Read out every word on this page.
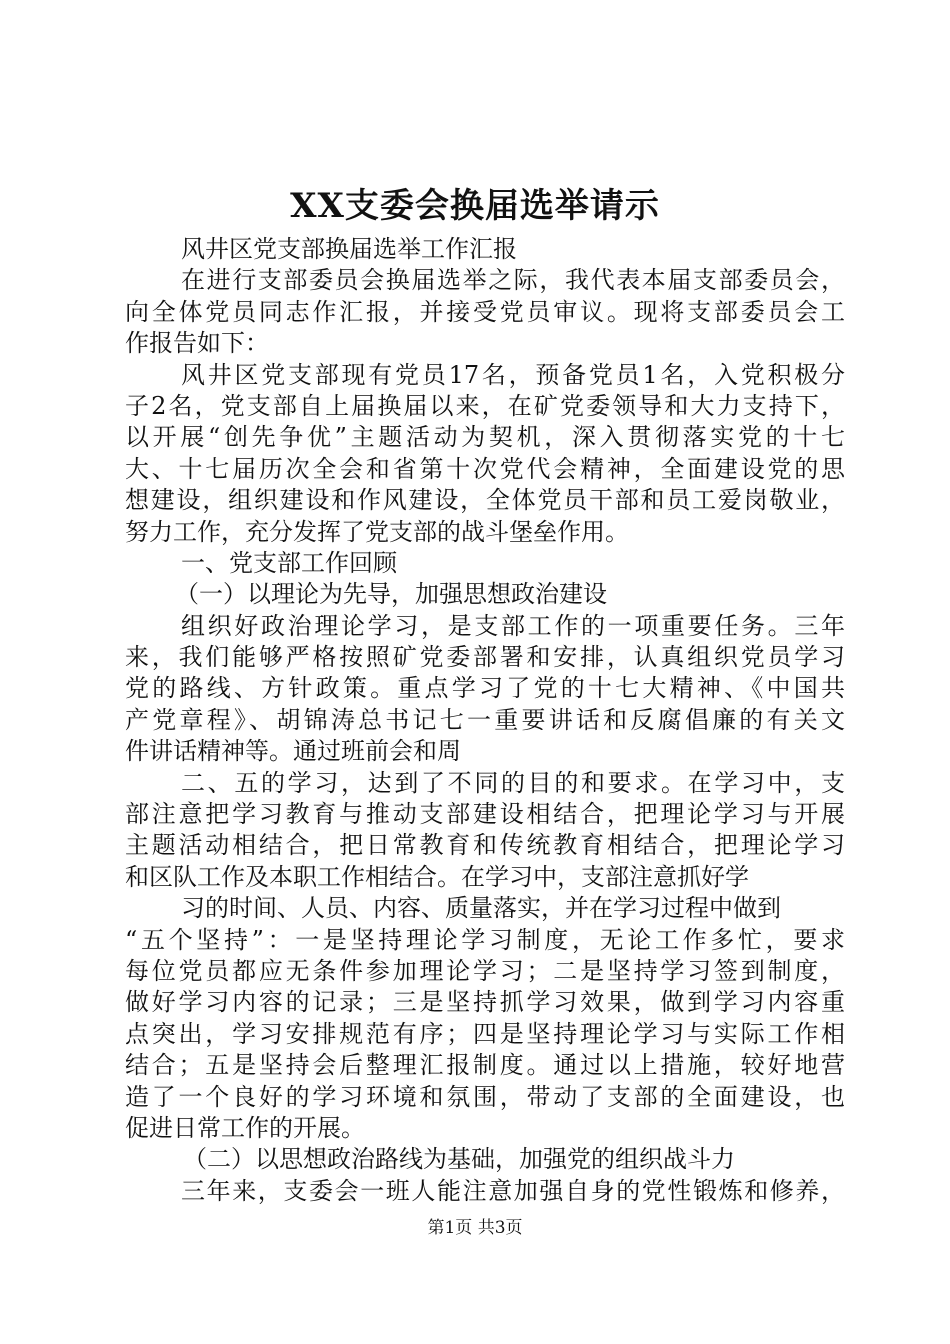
XX支委会换届选举请示
风井区党支部换届选举工作汇报
在进行支部委员会换届选举之际，我代表本届支部委员会，
向全体党员同志作汇报，并接受党员审议。现将支部委员会工
作报告如下：
风井区党支部现有党员17名，预备党员1名，入党积极分
子2名，党支部自上届换届以来，在矿党委领导和大力支持下，
以开展“创先争优”主题活动为契机，深入贯彻落实党的十七
大、十七届历次全会和省第十次党代会精神，全面建设党的思
想建设，组织建设和作风建设，全体党员干部和员工爱岗敬业，
努力工作，充分发挥了党支部的战斗堡垒作用。
一、党支部工作回顾
（一）以理论为先导，加强思想政治建设
组织好政治理论学习，是支部工作的一项重要任务。三年
来，我们能够严格按照矿党委部署和安排，认真组织党员学习
党的路线、方针政策。重点学习了党的十七大精神、《中国共
产党章程》、胡锦涛总书记七一重要讲话和反腐倡廉的有关文
件讲话精神等。通过班前会和周
二、五的学习，达到了不同的目的和要求。在学习中，支
部注意把学习教育与推动支部建设相结合，把理论学习与开展
主题活动相结合，把日常教育和传统教育相结合，把理论学习
和区队工作及本职工作相结合。在学习中，支部注意抓好学
习的时间、人员、内容、质量落实，并在学习过程中做到
“五个坚持”：一是坚持理论学习制度，无论工作多忙，要求
每位党员都应无条件参加理论学习；二是坚持学习签到制度，
做好学习内容的记录；三是坚持抓学习效果，做到学习内容重
点突出，学习安排规范有序；四是坚持理论学习与实际工作相
结合；五是坚持会后整理汇报制度。通过以上措施，较好地营
造了一个良好的学习环境和氛围，带动了支部的全面建设，也
促进日常工作的开展。
（二）以思想政治路线为基础，加强党的组织战斗力
三年来，支委会一班人能注意加强自身的党性锻炼和修养，
第1页 共3页
